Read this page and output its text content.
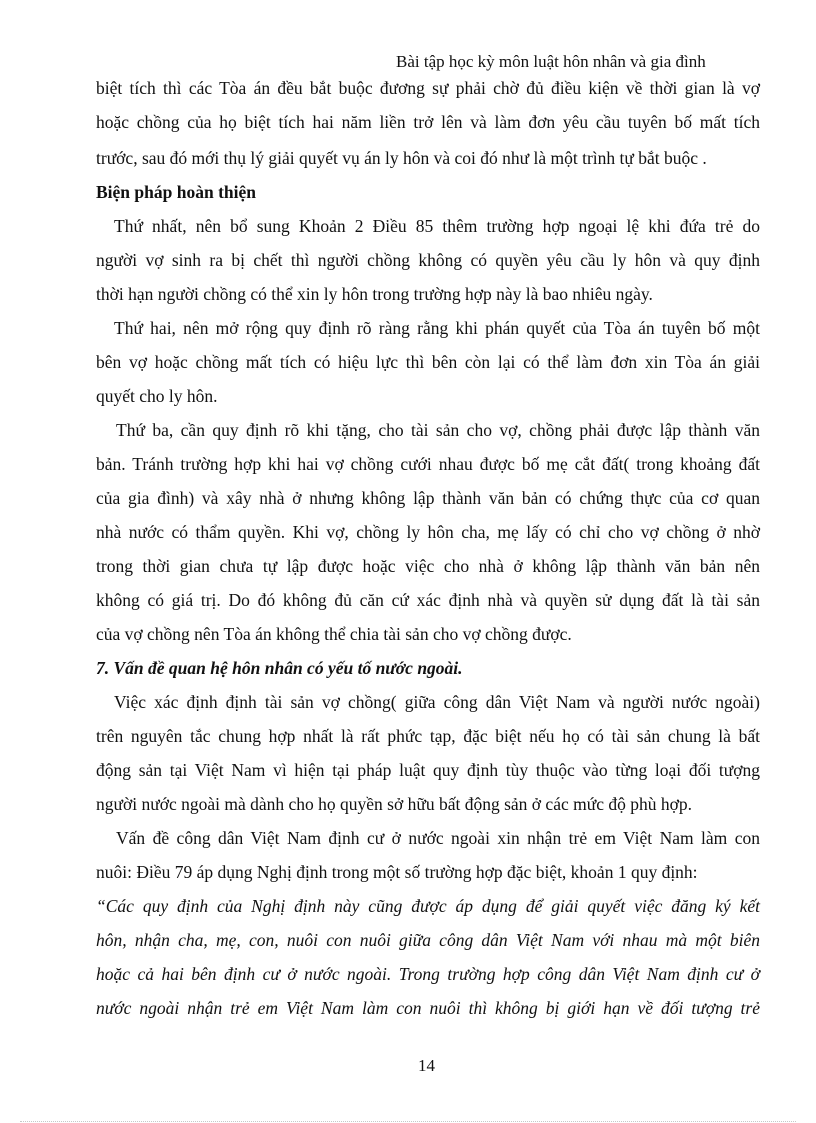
Bài tập học kỳ môn luật hôn nhân và gia đình
biệt tích thì các Tòa án đều bắt buộc đương sự phải chờ đủ điều kiện về thời gian là vợ
hoặc chồng của họ biệt tích hai năm liền trở lên và làm đơn yêu cầu tuyên bố mất tích
trước, sau đó mới thụ lý giải quyết vụ án ly hôn và coi đó như là một trình tự bắt buộc .
Biện pháp hoàn thiện
Thứ nhất, nên bổ sung Khoản 2 Điều 85 thêm trường hợp ngoại lệ khi đứa trẻ do
người vợ sinh ra bị chết thì người chồng không có quyền yêu cầu ly hôn và quy định
thời hạn người chồng có thể xin ly hôn trong trường hợp này là bao nhiêu ngày.
Thứ hai, nên mở rộng quy định rõ ràng rằng khi phán quyết của Tòa án tuyên bố một
bên vợ hoặc chồng mất tích có hiệu lực thì bên còn lại có thể làm đơn xin Tòa án giải
quyết cho ly hôn.
Thứ ba, cần quy định rõ khi tặng, cho tài sản cho vợ, chồng phải được lập thành văn
bản. Tránh trường hợp khi hai vợ chồng cưới nhau được bố mẹ cắt đất( trong khoảng đất
của gia đình) và xây nhà ở nhưng không lập thành văn bản có chứng thực của cơ quan
nhà nước có thẩm quyền. Khi vợ, chồng ly hôn cha, mẹ lấy có chỉ cho vợ chồng ở nhờ
trong thời gian chưa tự lập được hoặc việc cho nhà ở không lập thành văn bản nên
không có giá trị. Do đó không đủ căn cứ xác định nhà và quyền sử dụng đất là tài sản
của vợ chồng nên Tòa án không thể chia tài sản cho vợ chồng được.
7. Vấn đề quan hệ hôn nhân có yếu tố nước ngoài.
Việc xác định định tài sản vợ chồng( giữa công dân Việt Nam và người nước ngoài)
trên nguyên tắc chung hợp nhất là rất phức tạp, đặc biệt nếu họ có tài sản chung là bất
động sản tại Việt Nam vì hiện tại pháp luật quy định tùy thuộc vào từng loại đối tượng
người nước ngoài mà dành cho họ quyền sở hữu bất động sản ở các mức độ phù hợp.
Vấn đề công dân Việt Nam định cư ở nước ngoài xin nhận trẻ em Việt Nam làm con
nuôi: Điều 79 áp dụng Nghị định trong một số trường hợp đặc biệt, khoản 1 quy định:
“Các quy định của Nghị định này cũng được áp dụng để giải quyết việc đăng ký kết
hôn, nhận cha, mẹ, con, nuôi con nuôi giữa công dân Việt Nam với nhau mà một biên
hoặc cả hai bên định cư ở nước ngoài. Trong trường hợp công dân Việt Nam định cư ở
nước ngoài nhận trẻ em Việt Nam làm con nuôi thì không bị giới hạn về đối tượng trẻ
14
